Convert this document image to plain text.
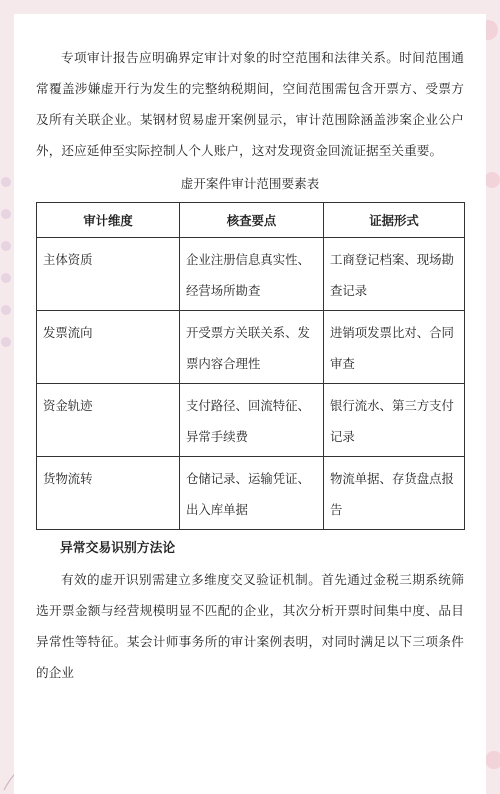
专项审计报告应明确界定审计对象的时空范围和法律关系。时间范围通常覆盖涉嫌虚开行为发生的完整纳税期间，空间范围需包含开票方、受票方及所有关联企业。某钢材贸易虚开案例显示，审计范围除涵盖涉案企业公户外，还应延伸至实际控制人个人账户，这对发现资金回流证据至关重要。

虚开案件审计范围要素表
审计维度	核查要点	证据形式
主体资质	企业注册信息真实性、经营场所勘查	工商登记档案、现场勘查记录
发票流向	开受票方关联关系、发票内容合理性	进销项发票比对、合同审查
资金轨迹	支付路径、回流特征、异常手续费	银行流水、第三方支付记录
货物流转	仓储记录、运输凭证、出入库单据	物流单据、存货盘点报告
异常交易识别方法论

有效的虚开识别需建立多维度交叉验证机制。首先通过金税三期系统筛选开票金额与经营规模明显不匹配的企业，其次分析开票时间集中度、品目异常性等特征。某会计师事务所的审计案例表明，对同时满足以下三项条件的企业
